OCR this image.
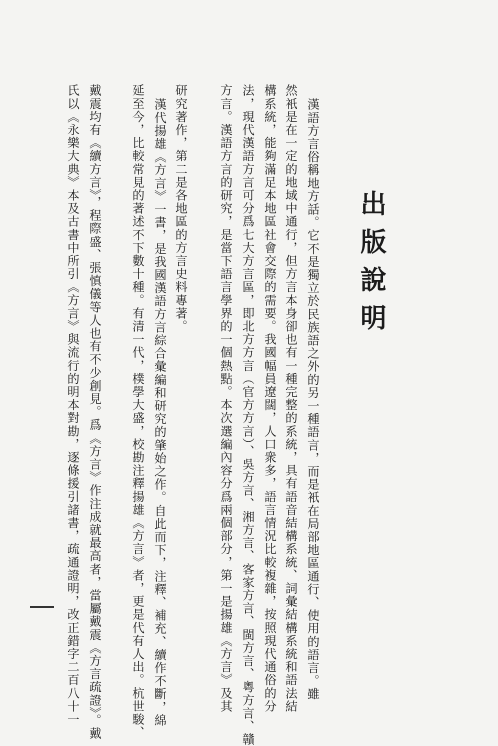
出版說明
漢語方言俗稱地方話。它不是獨立於民族語之外的另一種語言，而是衹在局部地區通行、使用的語言。雖
然衹是在一定的地域中通行，但方言本身卻也有一種完整的系統，具有語音結構系統、詞彙結構系統和語法結
構系統，能夠滿足本地區社會交際的需要。我國幅員遼闊，人口衆多，語言情況比較複雜，按照現代通俗的分
法，現代漢語方言可分爲七大方言區，即北方方言（官方方言）、吳方言、湘方言、客家方言、閩方言、粵方言、贛
方言。漢語方言的研究，是當下語言學界的一個熱點。本次選編內容分爲兩個部分，第一是揚雄《方言》及其
研究著作，第二是各地區的方言史料專著。
漢代揚雄《方言》一書，是我國漢語方言綜合彙編和研究的肇始之作。自此而下，注釋、補充、續作不斷，綿
延至今，比較常見的著述不下數十種。有清一代，樸學大盛，校勘注釋揚雄《方言》者，更是代有人出。杭世駿、
戴震均有《續方言》，程際盛、張慎儀等人也有不少創見。爲《方言》作注成就最高者，當屬戴震《方言疏證》。戴
氏以《永樂大典》本及古書中所引《方言》與流行的明本對勘，逐條援引諸書，疏通證明，改正錯字二百八十一
